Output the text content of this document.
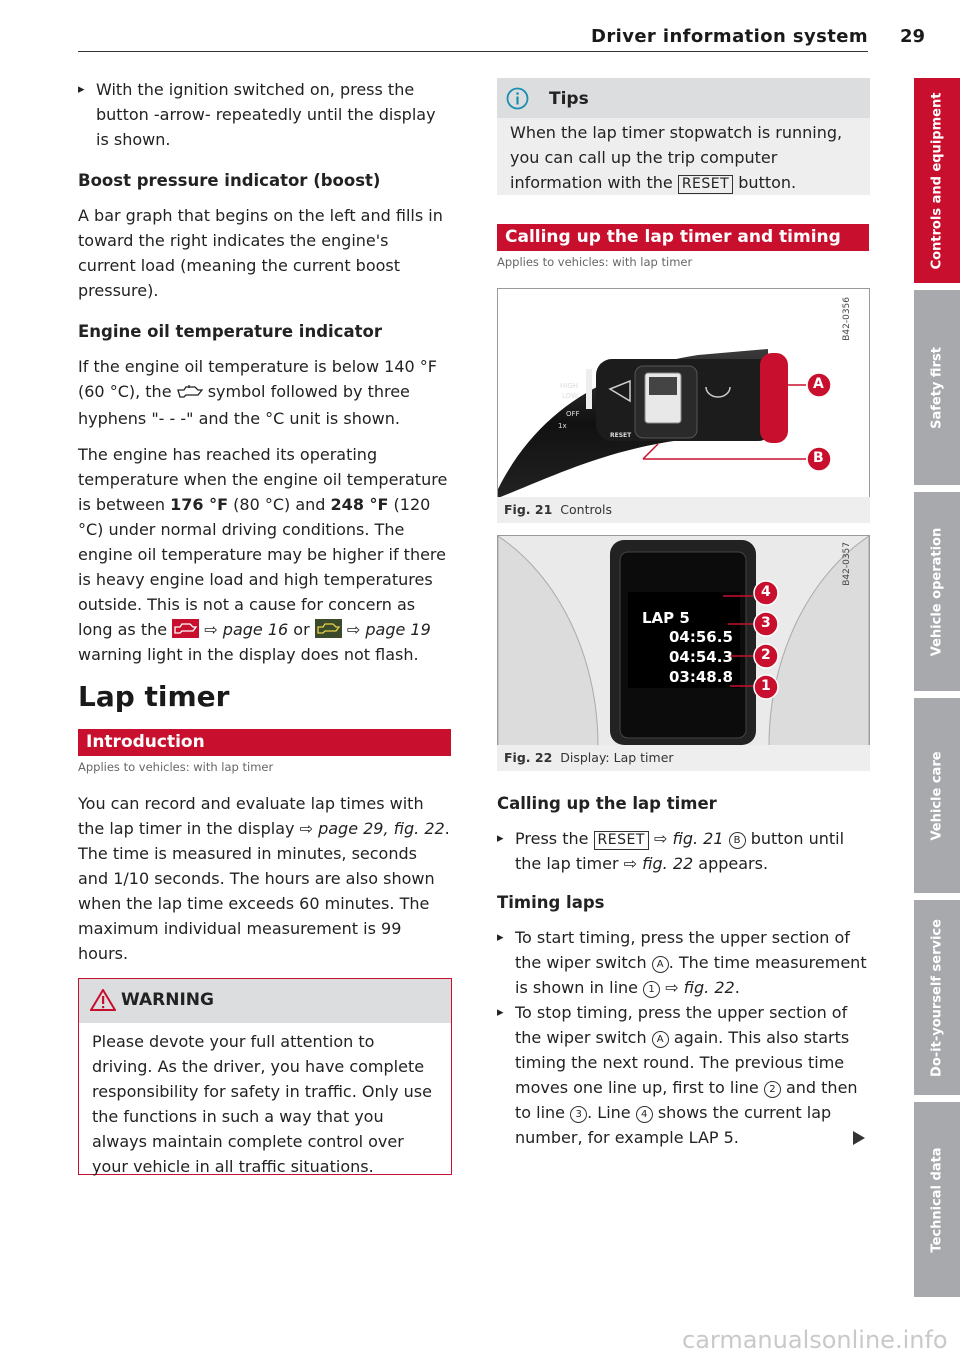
Driver information system 29

▸ With the ignition switched on, press the button -arrow- repeatedly until the display is shown.

Boost pressure indicator (boost)

A bar graph that begins on the left and fills in toward the right indicates the engine's current load (meaning the current boost pressure).

Engine oil temperature indicator

If the engine oil temperature is below 140 °F (60 °C), the symbol followed by three hyphens "- - -" and the °C unit is shown.

The engine has reached its operating temperature when the engine oil temperature is between 176 °F (80 °C) and 248 °F (120 °C) under normal driving conditions. The engine oil temperature may be higher if there is heavy engine load and high temperatures outside. This is not a cause for concern as long as the ⇨ page 16 or ⇨ page 19 warning light in the display does not flash.

Lap timer
Introduction
Applies to vehicles: with lap timer
You can record and evaluate lap times with the lap timer in the display ⇨ page 29, fig. 22. The time is measured in minutes, seconds and 1/10 seconds. The hours are also shown when the lap time exceeds 60 minutes. The maximum individual measurement is 99 hours.
WARNING
Please devote your full attention to driving. As the driver, you have complete responsibility for safety in traffic. Only use the functions in such a way that you always maintain complete control over your vehicle in all traffic situations.
Tips
When the lap timer stopwatch is running, you can call up the trip computer information with the RESET button.
Calling up the lap timer and timing
Applies to vehicles: with lap timer
A
B
HIGH
LOW
OFF
1x
RESET
B42-0356
Fig. 21 Controls
LAP 5
04:56.5
04:54.3
03:48.8
4
3
2
1
B42-0357
Fig. 22 Display: Lap timer

Calling up the lap timer

▸ Press the RESET ⇨ fig. 21 B button until the lap timer ⇨ fig. 22 appears.

Timing laps

▸ To start timing, press the upper section of the wiper switch A . The time measurement is shown in line 1 ⇨ fig. 22.

▸ To stop timing, press the upper section of the wiper switch A again. This also starts timing the next round. The previous time moves one line up, first to line 2 and then to line 3 . Line 4 shows the current lap number, for example LAP 5.

Controls and equipment
Safety first
Vehicle operation
Vehicle care
Do-it-yourself service
Technical data
carmanualsonline.info
